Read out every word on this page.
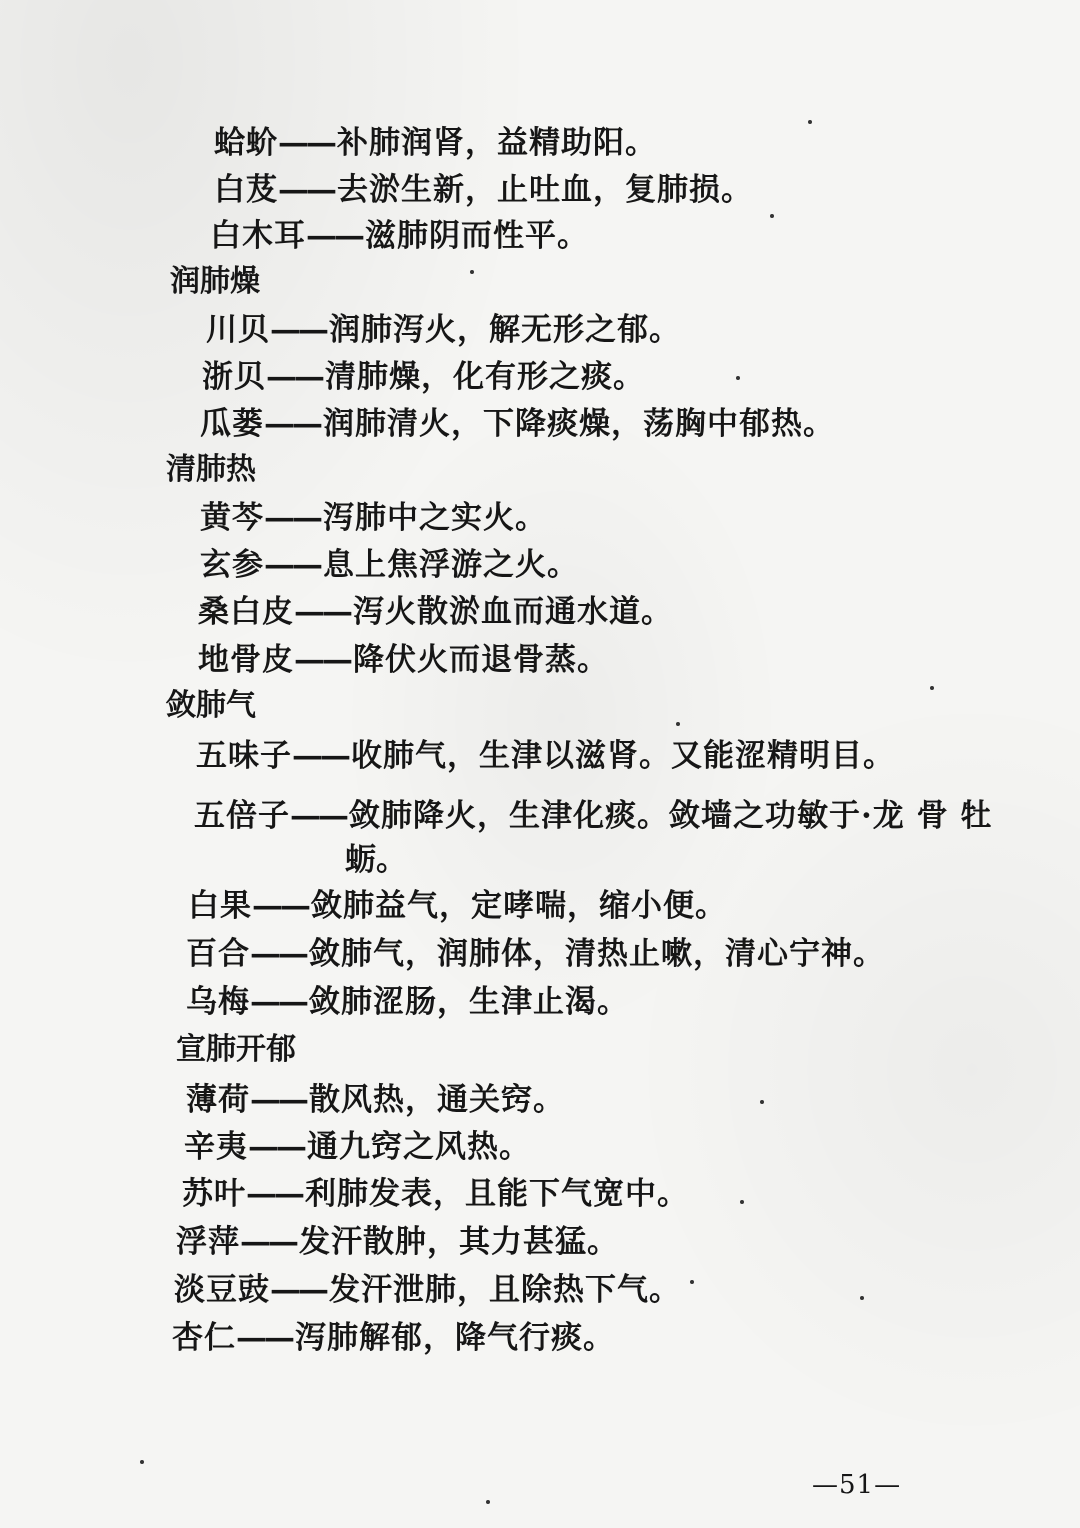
蛤蚧——补肺润肾，益精助阳。
白芨——去淤生新，止吐血，复肺损。
白木耳——滋肺阴而性平。
润肺燥
川贝——润肺泻火，解无形之郁。
浙贝——清肺燥，化有形之痰。
瓜蒌——润肺清火，下降痰燥，荡胸中郁热。
清肺热
黄芩——泻肺中之实火。
玄参——息上焦浮游之火。
桑白皮——泻火散淤血而通水道。
地骨皮——降伏火而退骨蒸。
敛肺气
五味子——收肺气，生津以滋肾。又能涩精明目。
五倍子——敛肺降火，生津化痰。敛墙之功敏于·龙 骨 牡
蛎。
白果——敛肺益气，定哮喘，缩小便。
百合——敛肺气，润肺体，清热止嗽，清心宁神。
乌梅——敛肺涩肠，生津止渴。
宣肺开郁
薄荷——散风热，通关窍。
辛夷——通九窍之风热。
苏叶——利肺发表，且能下气宽中。
浮萍——发汗散肿，其力甚猛。
淡豆豉——发汗泄肺，且除热下气。
杏仁——泻肺解郁，降气行痰。
—51—
